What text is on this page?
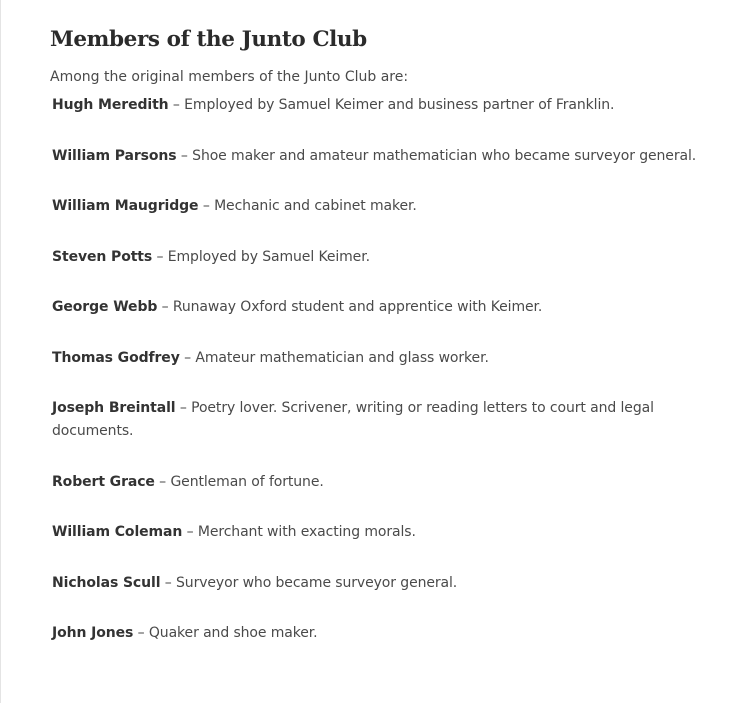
Members of the Junto Club

Among the original members of the Junto Club are:

Hugh Meredith – Employed by Samuel Keimer and business partner of Franklin.
William Parsons – Shoe maker and amateur mathematician who became surveyor general.
William Maugridge – Mechanic and cabinet maker.
Steven Potts – Employed by Samuel Keimer.
George Webb – Runaway Oxford student and apprentice with Keimer.
Thomas Godfrey – Amateur mathematician and glass worker.
Joseph Breintall – Poetry lover. Scrivener, writing or reading letters to court and legal documents.
Robert Grace – Gentleman of fortune.
William Coleman – Merchant with exacting morals.
Nicholas Scull – Surveyor who became surveyor general.
John Jones – Quaker and shoe maker.
